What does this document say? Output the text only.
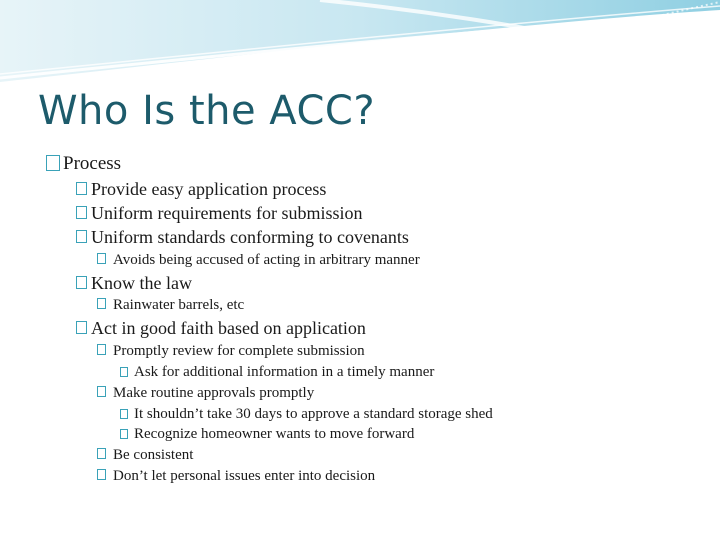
Who Is the ACC?
Process
Provide easy application process
Uniform requirements for submission
Uniform standards conforming to covenants
Avoids being accused of acting in arbitrary manner
Know the law
Rainwater barrels, etc
Act in good faith based on application
Promptly review for complete submission
Ask for additional information in a timely manner
Make routine approvals promptly
It shouldn’t take 30 days to approve a standard storage shed
Recognize homeowner wants to move forward
Be consistent
Don’t let personal issues enter into decision
